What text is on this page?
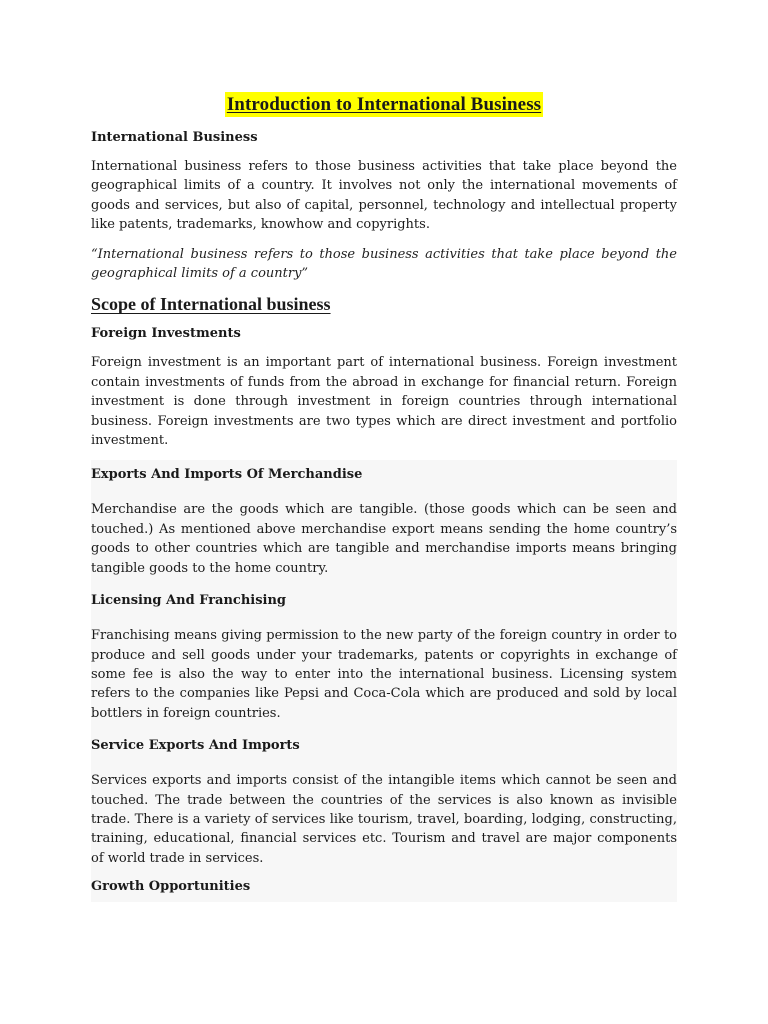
Introduction to International Business
International Business

International business refers to those business activities that take place beyond the geographical limits of a country. It involves not only the international movements of goods and services, but also of capital, personnel, technology and intellectual property like patents, trademarks, knowhow and copyrights.

“International business refers to those business activities that take place beyond the geographical limits of a country”

Scope of International business
Foreign Investments

Foreign investment is an important part of international business. Foreign investment contain investments of funds from the abroad in exchange for financial return. Foreign investment is done through investment in foreign countries through international business. Foreign investments are two types which are direct investment and portfolio investment.

Exports And Imports Of Merchandise

Merchandise are the goods which are tangible. (those goods which can be seen and touched.) As mentioned above merchandise export means sending the home country’s goods to other countries which are tangible and merchandise imports means bringing tangible goods to the home country.

Licensing And Franchising

Franchising means giving permission to the new party of the foreign country in order to produce and sell goods under your trademarks, patents or copyrights in exchange of some fee is also the way to enter into the international business. Licensing system refers to the companies like Pepsi and Coca-Cola which are produced and sold by local bottlers in foreign countries.

Service Exports And Imports

Services exports and imports consist of the intangible items which cannot be seen and touched. The trade between the countries of the services is also known as invisible trade. There is a variety of services like tourism, travel, boarding, lodging, constructing, training, educational, financial services etc. Tourism and travel are major components of world trade in services.

Growth Opportunities
